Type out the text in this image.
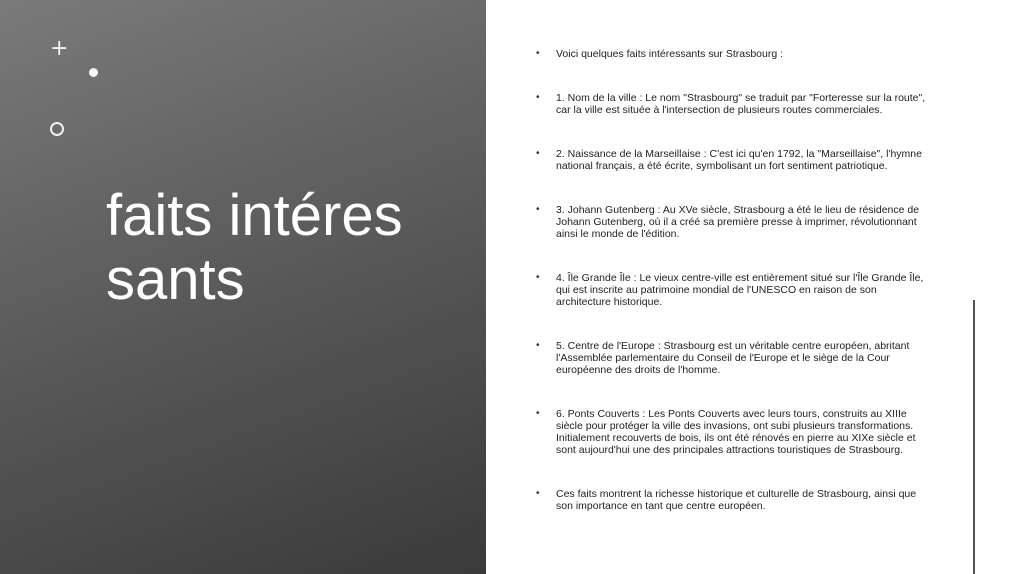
+
faits intéressants
• Voici quelques faits intéressants sur Strasbourg :
• 1. Nom de la ville : Le nom "Strasbourg" se traduit par "Forteresse sur la route", car la ville est située à l'intersection de plusieurs routes commerciales.
• 2. Naissance de la Marseillaise : C'est ici qu'en 1792, la "Marseillaise", l'hymne national français, a été écrite, symbolisant un fort sentiment patriotique.
• 3. Johann Gutenberg : Au XVe siècle, Strasbourg a été le lieu de résidence de Johann Gutenberg, où il a créé sa première presse à imprimer, révolutionnant ainsi le monde de l'édition.
• 4. Île Grande Île : Le vieux centre-ville est entièrement situé sur l'Île Grande Île, qui est inscrite au patrimoine mondial de l'UNESCO en raison de son architecture historique.
• 5. Centre de l'Europe : Strasbourg est un véritable centre européen, abritant l'Assemblée parlementaire du Conseil de l'Europe et le siège de la Cour européenne des droits de l'homme.
• 6. Ponts Couverts : Les Ponts Couverts avec leurs tours, construits au XIIIe siècle pour protéger la ville des invasions, ont subi plusieurs transformations. Initialement recouverts de bois, ils ont été rénovés en pierre au XIXe siècle et sont aujourd'hui une des principales attractions touristiques de Strasbourg.
• Ces faits montrent la richesse historique et culturelle de Strasbourg, ainsi que son importance en tant que centre européen.
